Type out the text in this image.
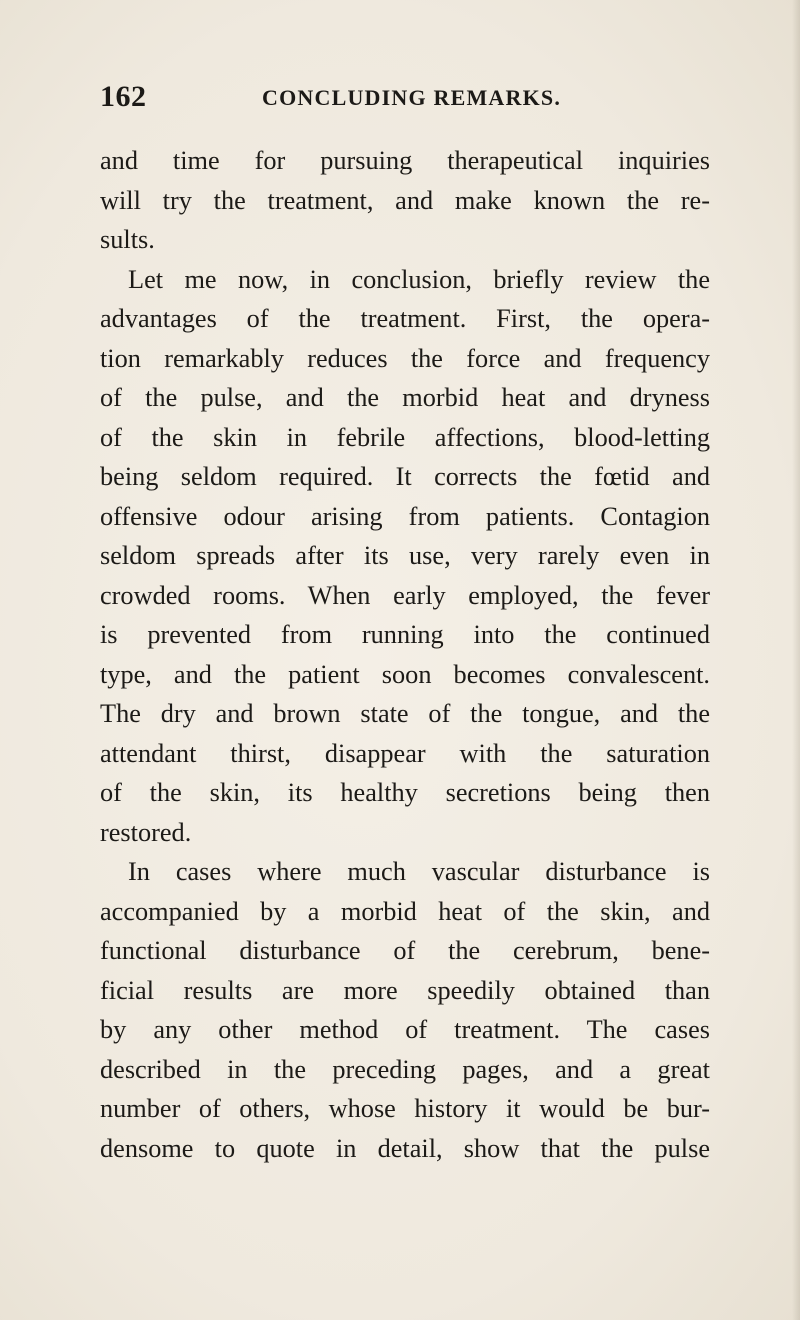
162	CONCLUDING REMARKS.
and time for pursuing therapeutical inquiries
will try the treatment, and make known the re-
sults.
Let me now, in conclusion, briefly review the
advantages of the treatment. First, the opera-
tion remarkably reduces the force and frequency
of the pulse, and the morbid heat and dryness
of the skin in febrile affections, blood-letting
being seldom required. It corrects the fœtid and
offensive odour arising from patients. Contagion
seldom spreads after its use, very rarely even in
crowded rooms. When early employed, the fever
is prevented from running into the continued
type, and the patient soon becomes convalescent.
The dry and brown state of the tongue, and the
attendant thirst, disappear with the saturation
of the skin, its healthy secretions being then
restored.
In cases where much vascular disturbance is
accompanied by a morbid heat of the skin, and
functional disturbance of the cerebrum, bene-
ficial results are more speedily obtained than
by any other method of treatment. The cases
described in the preceding pages, and a great
number of others, whose history it would be bur-
densome to quote in detail, show that the pulse
